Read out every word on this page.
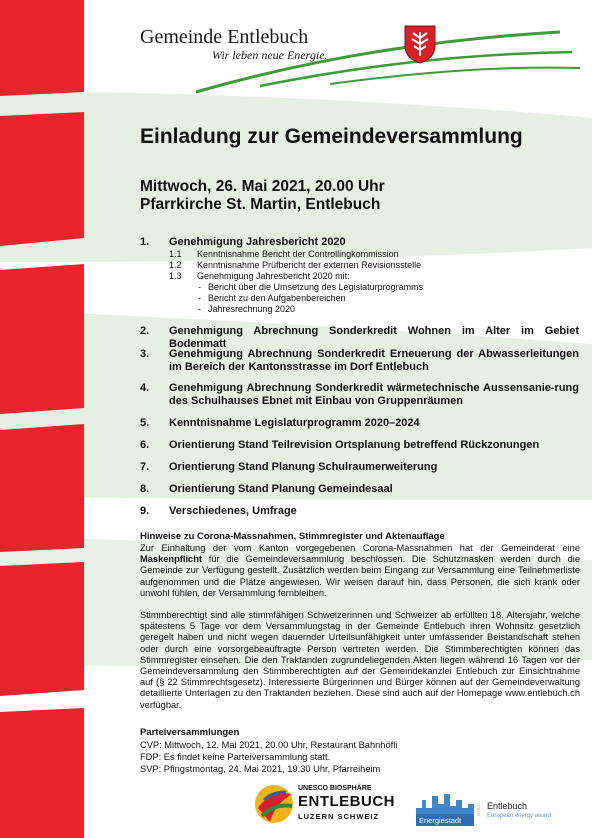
Gemeinde Entlebuch
Wir leben neue Energie.
Einladung zur Gemeindeversammlung
Mittwoch, 26. Mai 2021, 20.00 Uhr
Pfarrkirche St. Martin, Entlebuch
1. Genehmigung Jahresbericht 2020
1.1 Kenntnisnahme Bericht der Controllingkommission
1.2 Kenntnisnahme Prüfbericht der externen Revisionsstelle
1.3 Genehmigung Jahresbericht 2020 mit:
- Bericht über die Umsetzung des Legislaturprogramms
- Bericht zu den Aufgabenbereichen
- Jahresrechnung 2020
2. Genehmigung Abrechnung Sonderkredit Wohnen im Alter im Gebiet Bodenmatt
3. Genehmigung Abrechnung Sonderkredit Erneuerung der Abwasserleitungen im Bereich der Kantonsstrasse im Dorf Entlebuch
4. Genehmigung Abrechnung Sonderkredit wärmetechnische Aussensanie-rung des Schulhauses Ebnet mit Einbau von Gruppenräumen
5. Kenntnisnahme Legislaturprogramm 2020–2024
6. Orientierung Stand Teilrevision Ortsplanung betreffend Rückzonungen
7. Orientierung Stand Planung Schulraumerweiterung
8. Orientierung Stand Planung Gemeindesaal
9. Verschiedenes, Umfrage
Hinweise zu Corona-Massnahmen, Stimmregister und Aktenauflage
Zur Einhaltung der vom Kanton vorgegebenen Corona-Massnahmen hat der Gemeinderat eine Maskenpflicht für die Gemeindeversammlung beschlossen. Die Schutzmasken werden durch die Gemeinde zur Verfügung gestellt. Zusätzlich werden beim Eingang zur Versammlung eine Teilnehmerliste aufgenommen und die Plätze angewiesen. Wir weisen darauf hin, dass Personen, die sich krank oder unwohl fühlen, der Versammlung fernbleiben.
Stimmberechtigt sind alle stimmfähigen Schweizerinnen und Schweizer ab erfüllten 18. Altersjahr, welche spätestens 5 Tage vor dem Versammlungstag in der Gemeinde Entlebuch ihren Wohnsitz gesetzlich geregelt haben und nicht wegen dauernder Urteilsunfähigkeit unter umfassender Beistandschaft stehen oder durch eine vorsorgebeauftragte Person vertreten werden. Die Stimmberechtigten können das Stimmregister einsehen. Die den Traktanden zugrundeliegenden Akten liegen während 16 Tagen vor der Gemeindeversammlung den Stimmberechtigten auf der Gemeindekanzlei Entlebuch zur Einsichtnahme auf (§ 22 Stimmrechtsgesetz). Interessierte Bürgerinnen und Bürger können auf der Gemeindeverwaltung detaillierte Unterlagen zu den Traktanden beziehen. Diese sind auch auf der Homepage www.entlebuch.ch verfügbar.
Parteiversammlungen
CVP: Mittwoch, 12. Mai 2021, 20.00 Uhr, Restaurant Bahnhöfli
FDP: Es findet keine Parteiversammlung statt.
SVP: Pfingstmontag, 24. Mai 2021, 19.30 Uhr, Pfarreiheim
UNESCO BIOSPHÄRE
ENTLEBUCH
LUZERN SCHWEIZ	Energiestadt
GOLD Entlebuch
European energy award
